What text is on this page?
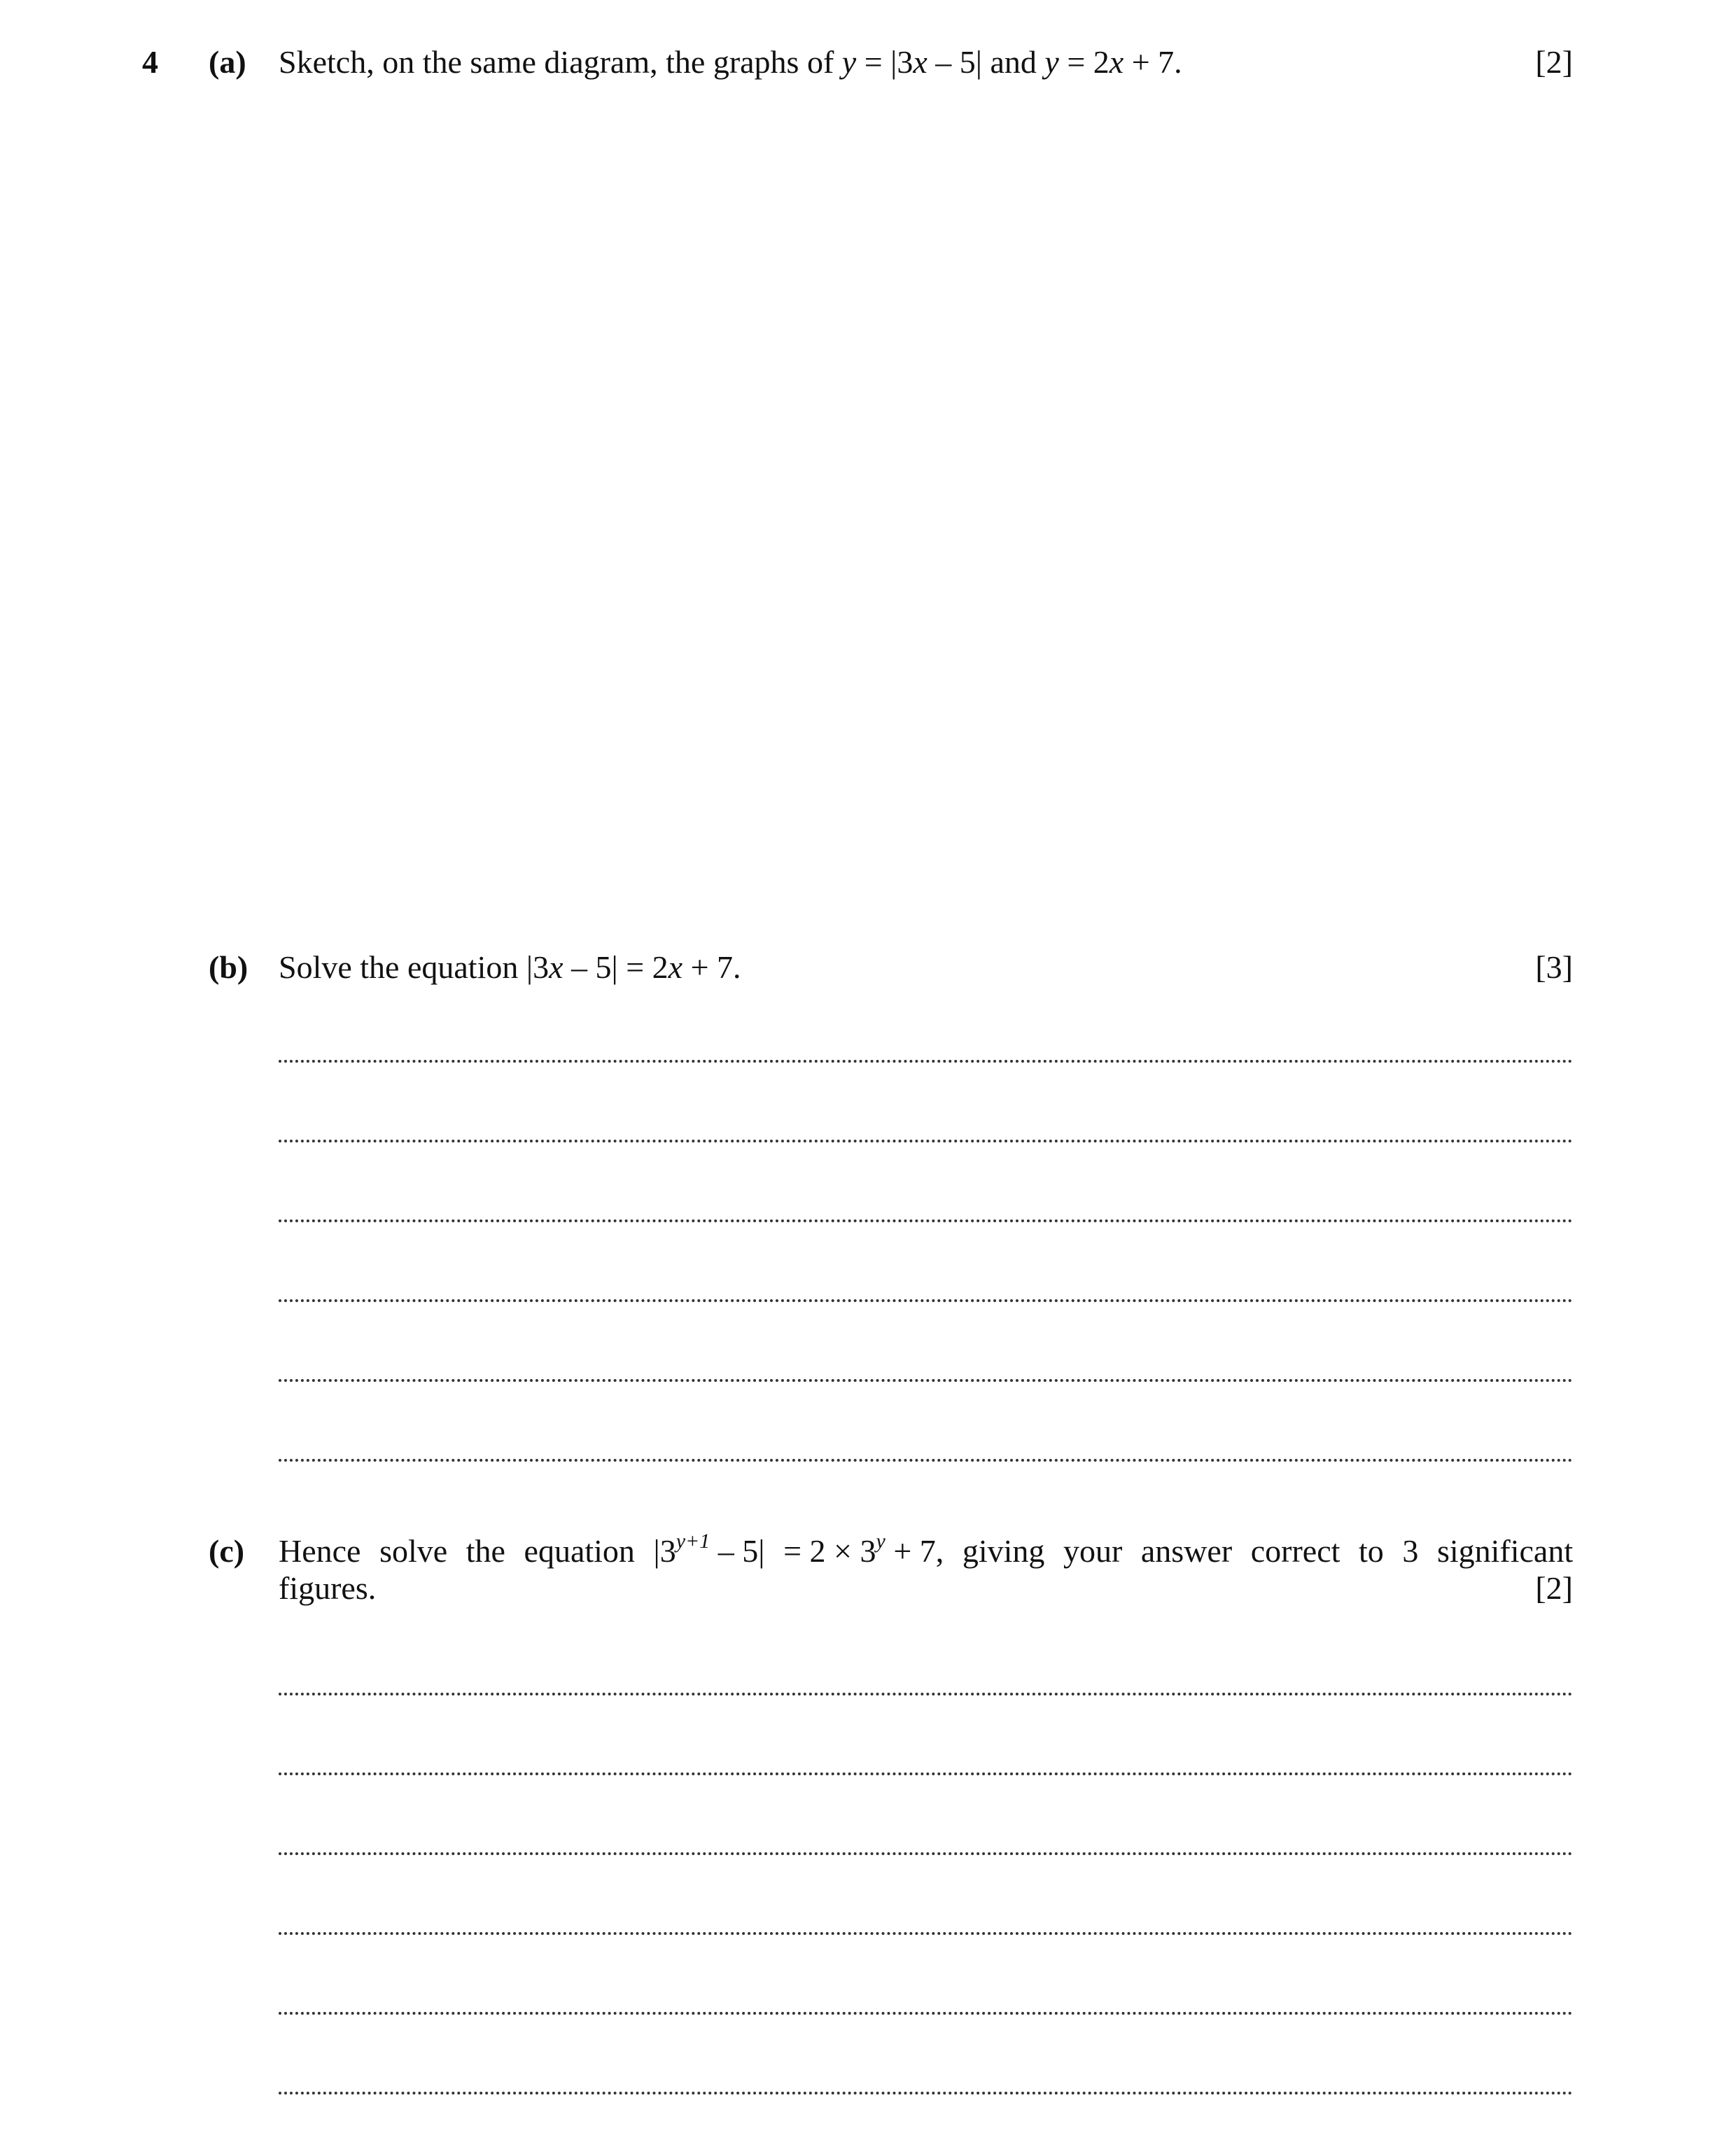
4 (a) Sketch, on the same diagram, the graphs of y = |3x – 5| and y = 2x + 7.	[2]
(b) Solve the equation |3x – 5| = 2x + 7.	[3]
(c) Hence solve the equation $|3^{y+1} - 5| = 2 \times 3^y + 7$, giving your answer correct to 3 significant
figures.	[2]
